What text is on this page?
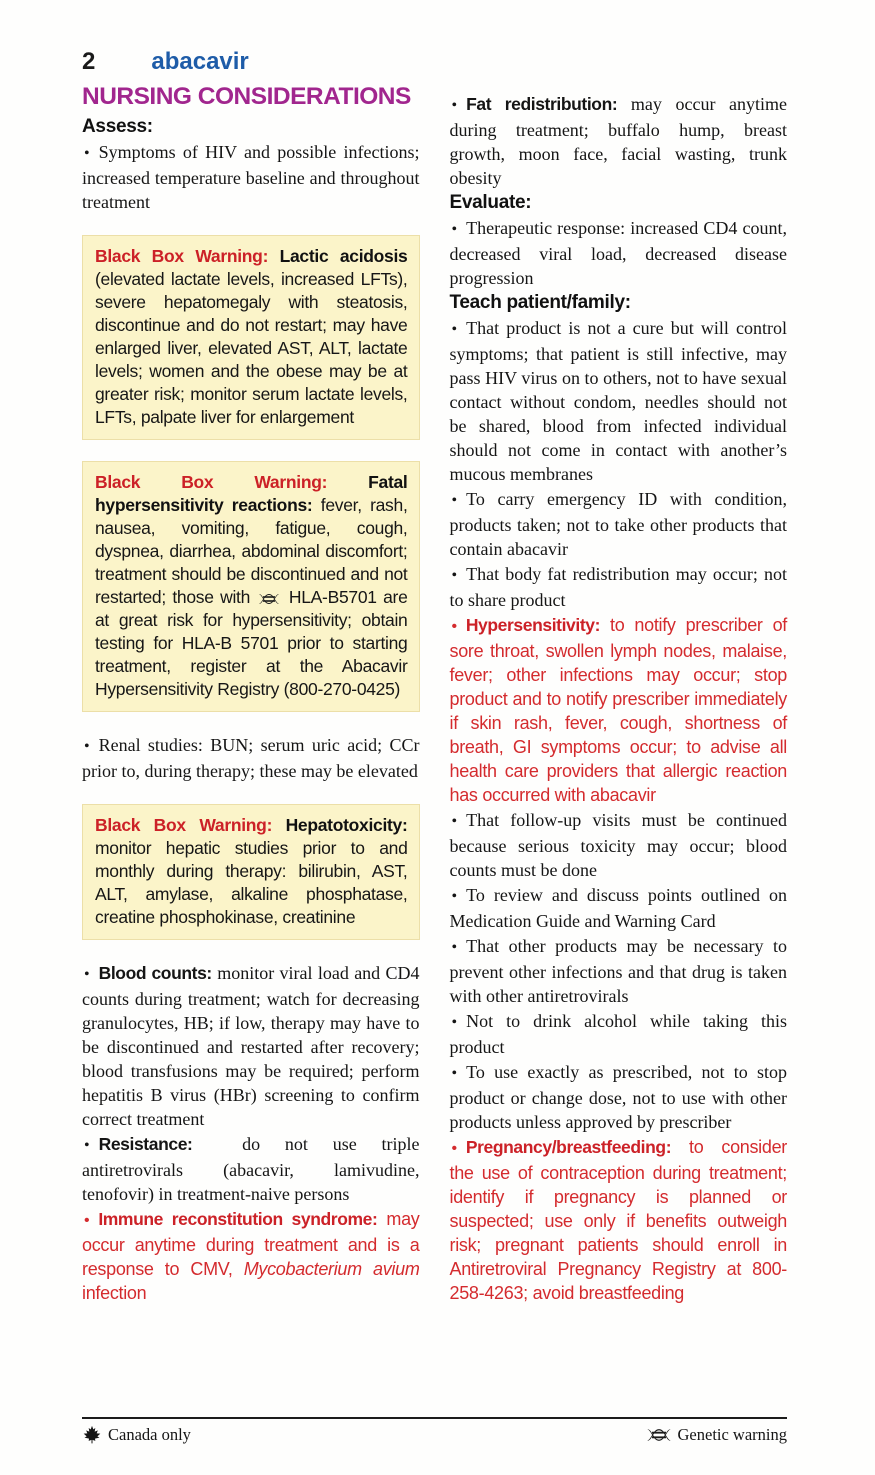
2 abacavir
NURSING CONSIDERATIONS
Assess:

• Symptoms of HIV and possible infections; increased temperature baseline and throughout treatment

Black Box Warning: Lactic acidosis (elevated lactate levels, increased LFTs), severe hepatomegaly with steatosis, discontinue and do not restart; may have enlarged liver, elevated AST, ALT, lactate levels; women and the obese may be at greater risk; monitor serum lactate levels, LFTs, palpate liver for enlargement
Black Box Warning: Fatal hypersensitivity reactions: fever, rash, nausea, vomiting, fatigue, cough, dyspnea, diarrhea, abdominal discomfort; treatment should be discontinued and not restarted; those with HLA-B5701 are at great risk for hypersensitivity; obtain testing for HLA-B 5701 prior to starting treatment, register at the Abacavir Hypersensitivity Registry (800-270-0425)

• Renal studies: BUN; serum uric acid; CCr prior to, during therapy; these may be elevated

Black Box Warning: Hepatotoxicity: monitor hepatic studies prior to and monthly during therapy: bilirubin, AST, ALT, amylase, alkaline phosphatase, creatine phosphokinase, creatinine

• Blood counts: monitor viral load and CD4 counts during treatment; watch for decreasing granulocytes, HB; if low, therapy may have to be discontinued and restarted after recovery; blood transfusions may be required; perform hepatitis B virus (HBr) screening to confirm correct treatment

• Resistance:	do not use triple antiretrovirals (abacavir, lamivudine, tenofovir) in treatment-naive persons

• Immune reconstitution syndrome: may occur anytime during treatment and is a response to CMV, Mycobacterium avium infection

• Fat redistribution: may occur anytime during treatment; buffalo hump, breast growth, moon face, facial wasting, trunk obesity

Evaluate:

• Therapeutic response: increased CD4 count, decreased viral load, decreased disease progression

Teach patient/family:

• That product is not a cure but will control symptoms; that patient is still infective, may pass HIV virus on to others, not to have sexual contact without condom, needles should not be shared, blood from infected individual should not come in contact with another’s mucous membranes

• To carry emergency ID with condition, products taken; not to take other products that contain abacavir

• That body fat redistribution may occur; not to share product

• Hypersensitivity: to notify prescriber of sore throat, swollen lymph nodes, malaise, fever; other infections may occur; stop product and to notify prescriber immediately if skin rash, fever, cough, shortness of breath, GI symptoms occur; to advise all health care providers that allergic reaction has occurred with abacavir

• That follow-up visits must be continued because serious toxicity may occur; blood counts must be done

• To review and discuss points outlined on Medication Guide and Warning Card

• That other products may be necessary to prevent other infections and that drug is taken with other antiretrovirals

• Not to drink alcohol while taking this product

• To use exactly as prescribed, not to stop product or change dose, not to use with other products unless approved by prescriber

• Pregnancy/breastfeeding: to consider the use of contraception during treatment; identify if pregnancy is planned or suspected; use only if benefits outweigh risk; pregnant patients should enroll in Antiretroviral Pregnancy Registry at 800-258-4263; avoid breastfeeding

Canada only	Genetic warning
